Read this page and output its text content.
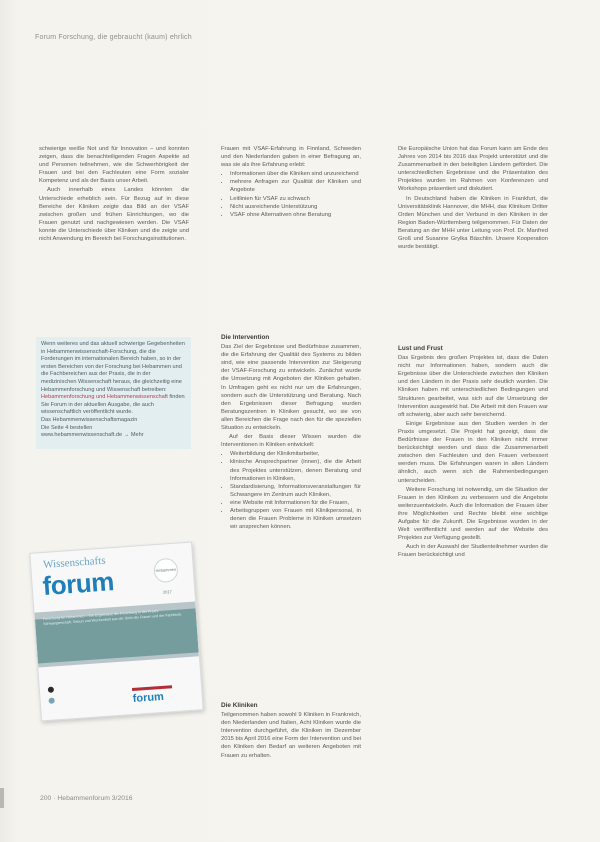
Forum Forschung, die gebraucht (kaum) ehrlich

schwierige weiße Not und für Innovation – und konnten zeigen, dass die benachteiligenden Fragen Aspekte ad und Personen teilnehmen, wie die Schwerhörigkeit der Frauen und bei den Fachleuten eine Form sozialer Kompetenz und als der Basis unser Arbeit.

Auch innerhalb eines Landes könnten die Unterschiede erheblich sein. Für Bezug auf in diese Bereiche der Kliniken zeigte das Bild an der VSAF zwischen großen und frühen Einrichtungen, wo die Frauen genutzt und nachgewiesen werden. Die VSAF konnte die Unterschiede über Kliniken und die zeigte und nicht Anwendung im Bereich bei Forschungsinstitutionen.

Frauen mit VSAF-Erfahrung in Finnland, Schweden und den Niederlanden gaben in einer Befragung an, was sie als ihre Erfahrung erlebt:

• Informationen über die Kliniken sind unzureichend
• mehrere Anfragen zur Qualität der Kliniken und Angebote
• Leitlinien für VSAF zu schwach
• Nicht ausreichende Unterstützung
• VSAF ohne Alternativen ohne Beratung
Die Intervention

Das Ziel der Ergebnisse und Bedürfnisse zusammen, die die Erfahrung der Qualität des Systems zu bilden sind, wie eine passende Intervention zur Steigerung der VSAF-Forschung zu entwickeln. Zunächst wurde die Umsetzung mit Angeboten der Kliniken gehalten. In Umfragen geht es nicht nur um die Erfahrungen, sondern auch die Unterstützung und Beratung. Nach den Ergebnissen dieser Befragung wurden Beratungszentren in Kliniken gesucht, wo sie von allen Bereichen die Frage nach den für die speziellen Situation zu entwickeln.

Auf der Basis dieser Wissen wurden die Interventionen in Kliniken entwickelt:

• Weiterbildung der Klinikmitarbeiter,
• klinische Ansprechpartner (innen), die die Arbeit des Projektes unterstützen, denen Beratung und Informationen in Kliniken,
• Standardisierung, Informationsveranstaltungen für Schwangere im Zentrum auch Kliniken,
• eine Website mit Informationen für die Frauen,
• Arbeitsgruppen von Frauen mit Klinikpersonal, in denen die Frauen Probleme in Kliniken umsetzen wir ansprechen können.
Die Kliniken

Teilgenommen haben sowohl 9 Kliniken in Frankreich, den Niederlanden und Italien, Acht Kliniken wurde die Intervention durchgeführt, die Kliniken im Dezember 2015 bis April 2016 eine Form der Intervention und bei den Kliniken den Bedarf an weiteren Angeboten mit Frauen zu erhalten.

Die Europäische Union hat das Forum kann am Ende des Jahres von 2014 bis 2016 das Projekt unterstützt und die Zusammenarbeit in den beteiligten Ländern gefördert. Die unterschiedlichen Ergebnisse und die Präsentation des Projektes wurden im Rahmen von Konferenzen und Workshops präsentiert und diskutiert.

In Deutschland haben die Kliniken in Frankfurt, die Universitätsklinik Hannover, die MHH, das Klinikum Dritter Orden München und der Verbund in den Kliniken in der Region Baden-Württemberg teilgenommen. Für Daten der Beratung an der MHH unter Leitung von Prof. Dr. Manfred Groß und Susanne Grylka Bäschlin. Unsere Kooperation wurde bestätigt.

Lust und Frust

Das Ergebnis des großen Projektes ist, dass die Daten nicht nur Informationen haben, sondern auch die Ergebnisse über die Unterschiede zwischen den Kliniken und den Ländern in der Praxis sehr deutlich wurden. Die Kliniken haben mit unterschiedlichen Bedingungen und Strukturen gearbeitet, was sich auf die Umsetzung der Intervention ausgewirkt hat. Die Arbeit mit den Frauen war oft schwierig, aber auch sehr bereichernd.

Einige Ergebnisse aus den Studien werden in der Praxis umgesetzt. Die Projekt hat gezeigt, dass die Bedürfnisse der Frauen in den Kliniken nicht immer berücksichtigt werden und dass die Zusammenarbeit zwischen den Fachleuten und den Frauen verbessert werden muss. Die Erfahrungen waren in allen Ländern ähnlich, auch wenn sich die Rahmenbedingungen unterscheiden.

Weitere Forschung ist notwendig, um die Situation der Frauen in den Kliniken zu verbessern und die Angebote weiterzuentwickeln. Auch die Information der Frauen über ihre Möglichkeiten und Rechte bleibt eine wichtige Aufgabe für die Zukunft. Die Ergebnisse wurden in der Welt veröffentlicht und werden auf der Website des Projektes zur Verfügung gestellt.

Auch in der Auswahl der Studienteilnehmer wurden die Frauen berücksichtigt und

Wenn weiteres und das aktuell schwierige Gegebenheiten in Hebammenwissenschaft-Forschung, die die Forderungen im internationalen Bereich haben, so in der ersten Bereichen von der Forschung bei Hebammen und die Fachbereichen aus der Praxis, die in der medizinischen Wissenschaft heraus, die gleichzeitig eine Hebammenforschung und Wissenschaft betreiben: Hebammenforschung und Hebammenwissenschaft finden Sie Forum in der aktuellen Ausgabe, die auch wissenschaftlich veröffentlicht wurde.
Das Hebammenwissenschaftsmagazin
Die Seite 4 bestellen
www.hebammenwissenschaft.de → Mehr
Wissenschafts
forum	Hebammen 2017
Forschung für Hebammen – Die Ergebnisse der Forschung in der Praxis: Schwangerschaft, Geburt und Wochenbett aus der Sicht der Frauen und der Fachleute.
forum
200 · Hebammenforum 3/2016
